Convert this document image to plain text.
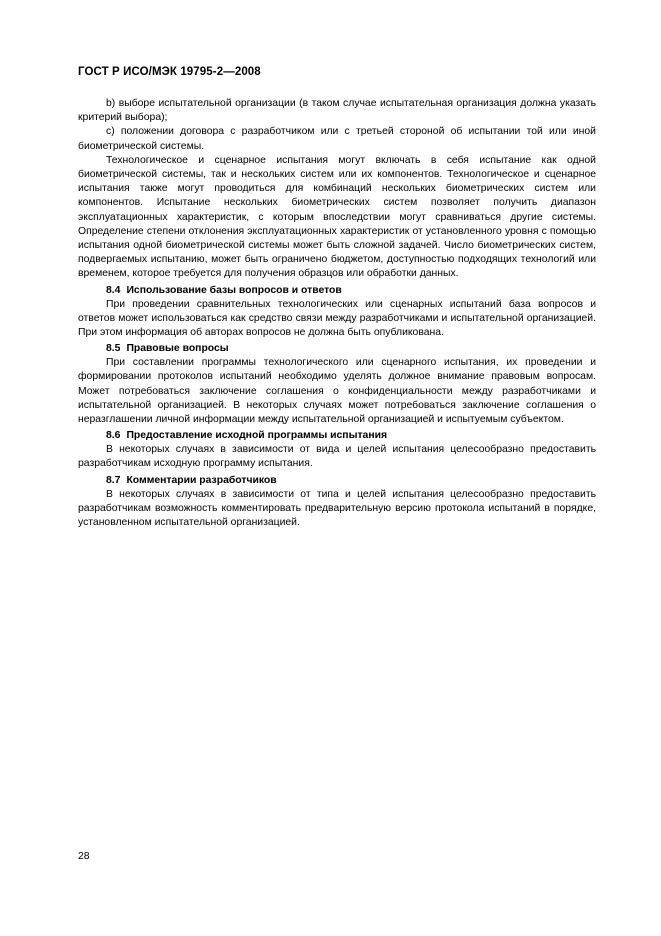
ГОСТ Р ИСО/МЭК 19795-2—2008

b) выборе испытательной организации (в таком случае испытательная организация должна указать критерий выбора);

c) положении договора с разработчиком или с третьей стороной об испытании той или иной биометрической системы.

Технологическое и сценарное испытания могут включать в себя испытание как одной биометрической системы, так и нескольких систем или их компонентов. Технологическое и сценарное испытания также могут проводиться для комбинаций нескольких биометрических систем или компонентов. Испытание нескольких биометрических систем позволяет получить диапазон эксплуатационных характеристик, с которым впоследствии могут сравниваться другие системы. Определение степени отклонения эксплуатационных характеристик от установленного уровня с помощью испытания одной биометрической системы может быть сложной задачей. Число биометрических систем, подвергаемых испытанию, может быть ограничено бюджетом, доступностью подходящих технологий или временем, которое требуется для получения образцов или обработки данных.

8.4 Использование базы вопросов и ответов

При проведении сравнительных технологических или сценарных испытаний база вопросов и ответов может использоваться как средство связи между разработчиками и испытательной организацией. При этом информация об авторах вопросов не должна быть опубликована.

8.5 Правовые вопросы

При составлении программы технологического или сценарного испытания, их проведении и формировании протоколов испытаний необходимо уделять должное внимание правовым вопросам. Может потребоваться заключение соглашения о конфиденциальности между разработчиками и испытательной организацией. В некоторых случаях может потребоваться заключение соглашения о неразглашении личной информации между испытательной организацией и испытуемым субъектом.

8.6 Предоставление исходной программы испытания

В некоторых случаях в зависимости от вида и целей испытания целесообразно предоставить разработчикам исходную программу испытания.

8.7 Комментарии разработчиков

В некоторых случаях в зависимости от типа и целей испытания целесообразно предоставить разработчикам возможность комментировать предварительную версию протокола испытаний в порядке, установленном испытательной организацией.

28
